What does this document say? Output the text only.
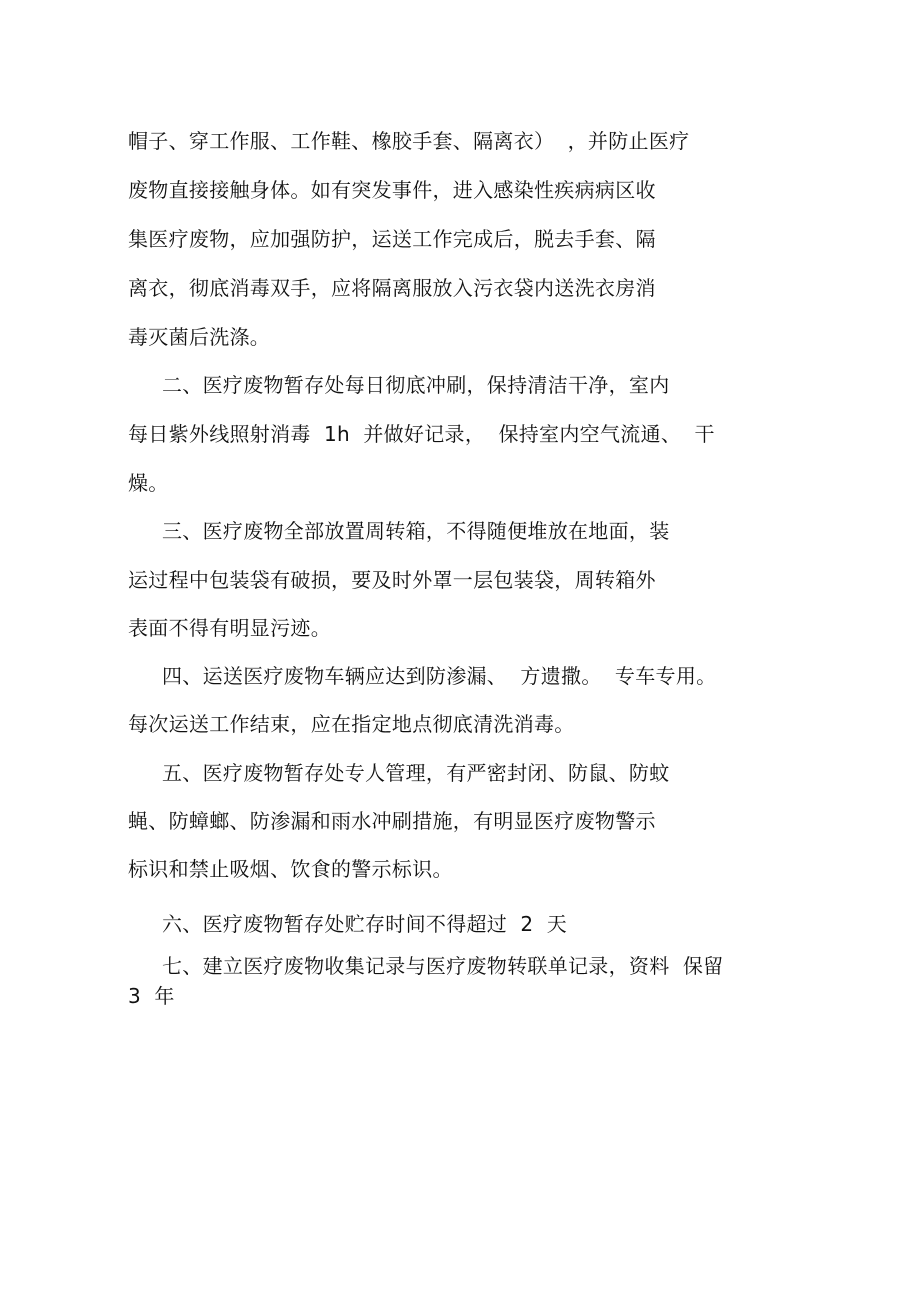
帽子、穿工作服、工作鞋、橡胶手套、隔离衣）  ，并防止医疗
废物直接接触身体。如有突发事件，进入感染性疾病病区收
集医疗废物，应加强防护，运送工作完成后，脱去手套、隔
离衣，彻底消毒双手，应将隔离服放入污衣袋内送洗衣房消
毒灭菌后洗涤。
二、医疗废物暂存处每日彻底冲刷，保持清洁干净，室内
每日紫外线照射消毒  1h  并做好记录，  保持室内空气流通、  干
燥。
三、医疗废物全部放置周转箱，不得随便堆放在地面，装
运过程中包装袋有破损，要及时外罩一层包装袋，周转箱外
表面不得有明显污迹。
四、运送医疗废物车辆应达到防渗漏、  方遗撒。  专车专用。
每次运送工作结束，应在指定地点彻底清洗消毒。
五、医疗废物暂存处专人管理，有严密封闭、防鼠、防蚊
蝇、防蟑螂、防渗漏和雨水冲刷措施，有明显医疗废物警示
标识和禁止吸烟、饮食的警示标识。
六、医疗废物暂存处贮存时间不得超过  2  天
七、建立医疗废物收集记录与医疗废物转联单记录，资料  保留
3  年
